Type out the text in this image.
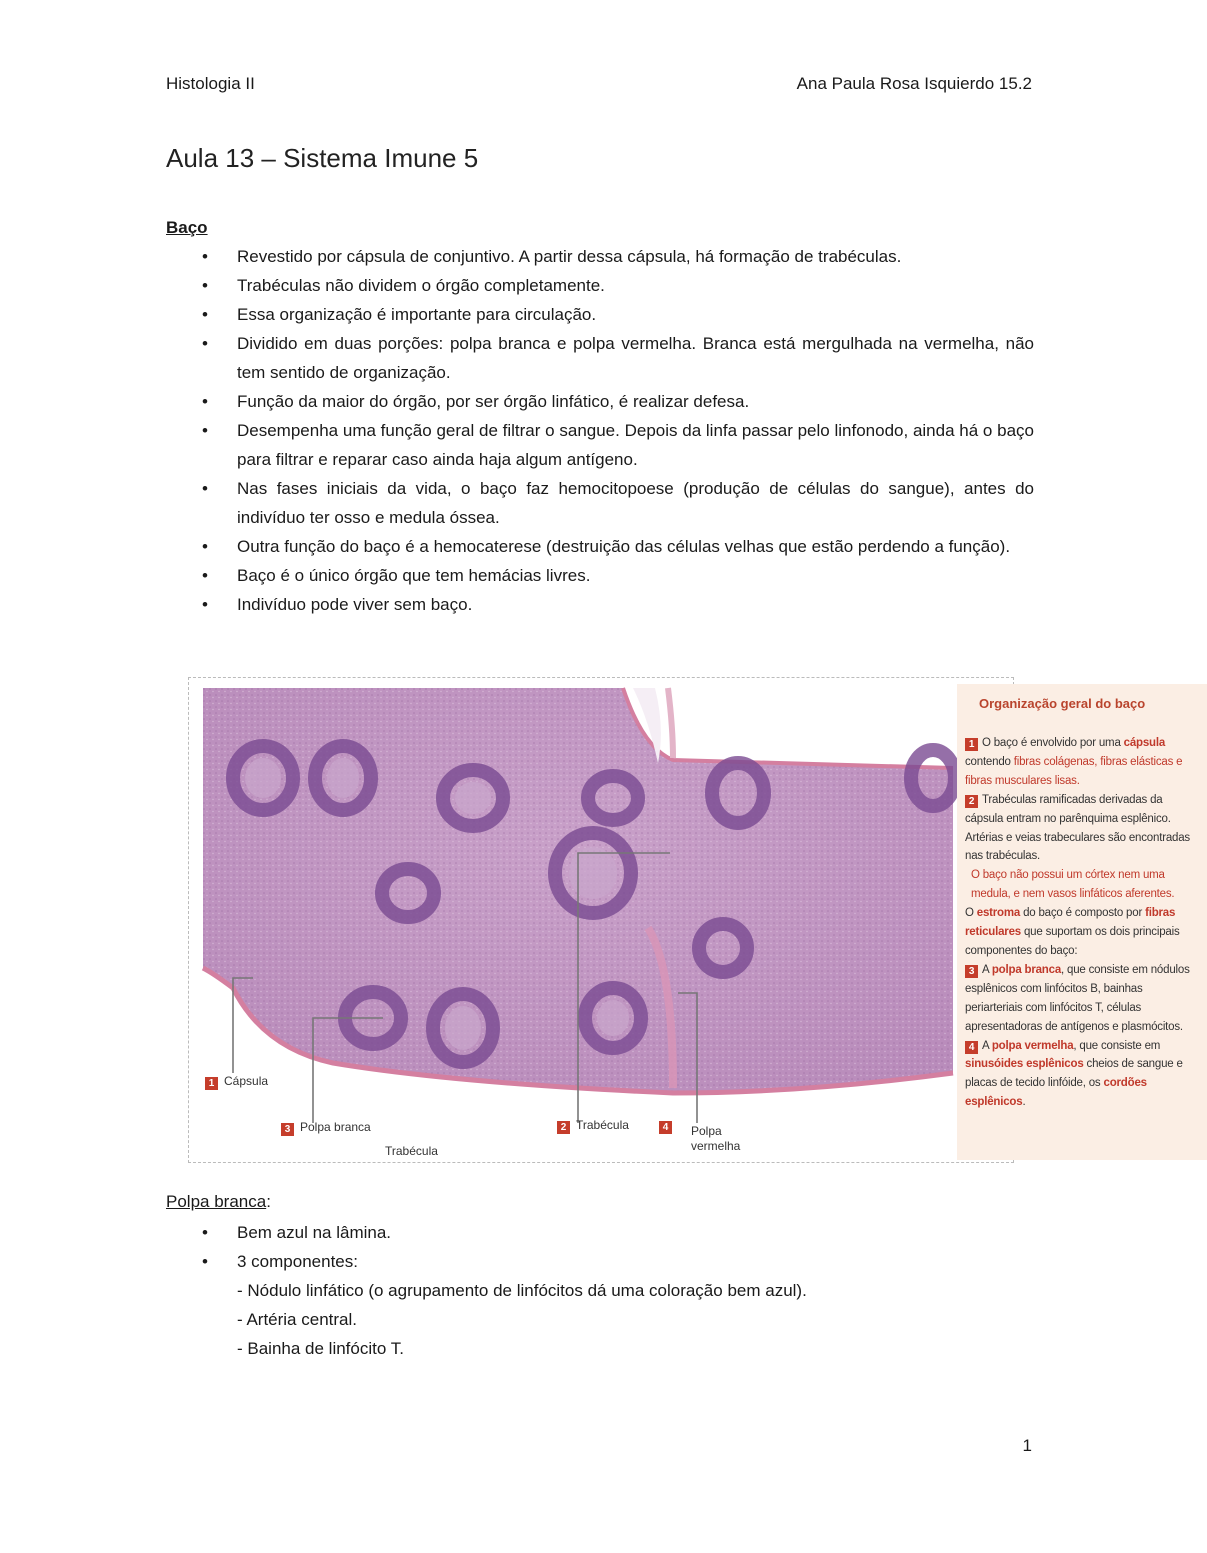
Histologia II	Ana Paula Rosa Isquierdo 15.2
Aula 13 – Sistema Imune 5
Baço
• Revestido por cápsula de conjuntivo. A partir dessa cápsula, há formação de trabéculas.
• Trabéculas não dividem o órgão completamente.
• Essa organização é importante para circulação.
• Dividido em duas porções: polpa branca e polpa vermelha. Branca está mergulhada na vermelha, não tem sentido de organização.
• Função da maior do órgão, por ser órgão linfático, é realizar defesa.
• Desempenha uma função geral de filtrar o sangue. Depois da linfa passar pelo linfonodo, ainda há o baço para filtrar e reparar caso ainda haja algum antígeno.
• Nas fases iniciais da vida, o baço faz hemocitopoese (produção de células do sangue), antes do indivíduo ter osso e medula óssea.
• Outra função do baço é a hemocaterese (destruição das células velhas que estão perdendo a função).
• Baço é o único órgão que tem hemácias livres.
• Indivíduo pode viver sem baço.
1 Cápsula
3 Polpa branca
Trabécula
2 Trabécula	4	Polpa
vermelha
Organização geral do baço
1 O baço é envolvido por uma cápsula contendo fibras colágenas, fibras elásticas e fibras musculares lisas.
2 Trabéculas ramificadas derivadas da cápsula entram no parênquima esplênico. Artérias e veias trabeculares são encontradas nas trabéculas.
O baço não possui um córtex nem uma medula, e nem vasos linfáticos aferentes.
O estroma do baço é composto por fibras reticulares que suportam os dois principais componentes do baço:
3 A polpa branca, que consiste em nódulos esplênicos com linfócitos B, bainhas periarteriais com linfócitos T, células apresentadoras de antígenos e plasmócitos.
4 A polpa vermelha, que consiste em sinusóides esplênicos cheios de sangue e placas de tecido linfóide, os cordões esplênicos.
Polpa branca:
• Bem azul na lâmina.
• 3 componentes:
- Nódulo linfático (o agrupamento de linfócitos dá uma coloração bem azul).
- Artéria central.
- Bainha de linfócito T.
1
